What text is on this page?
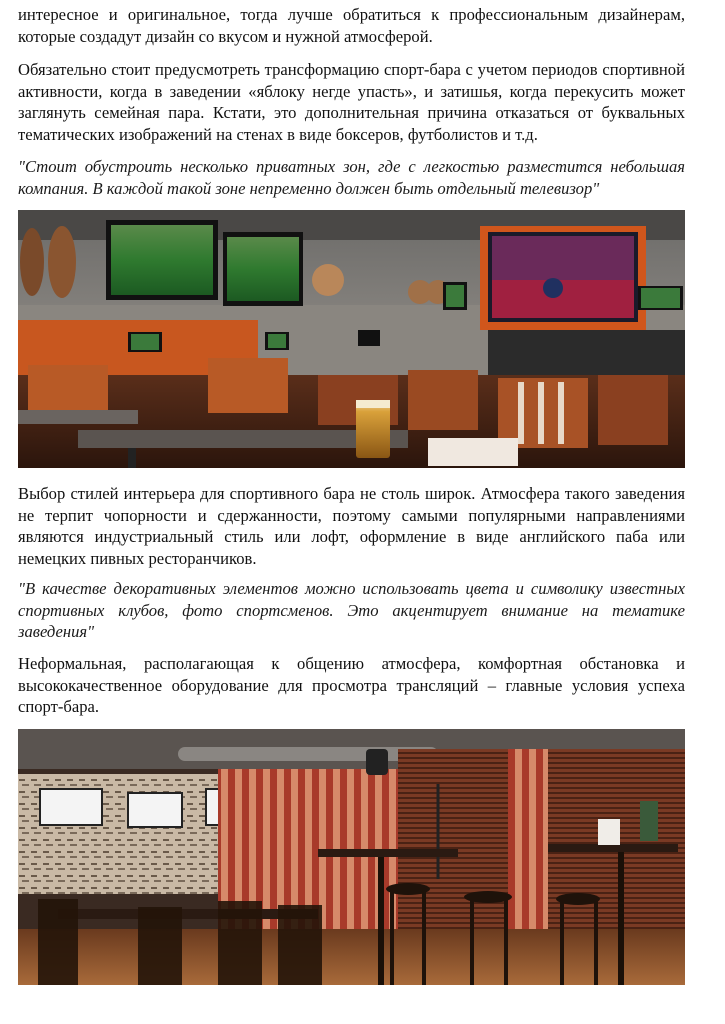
интересное и оригинальное, тогда лучше обратиться к профессиональным дизайнерам, которые создадут дизайн со вкусом и нужной атмосферой.

Обязательно стоит предусмотреть трансформацию спорт-бара с учетом периодов спортивной активности, когда в заведении «яблоку негде упасть», и затишья, когда перекусить может заглянуть семейная пара. Кстати, это дополнительная причина отказаться от буквальных тематических изображений на стенах в виде боксеров, футболистов и т.д.

"Стоит обустроить несколько приватных зон, где с легкостью разместится небольшая компания. В каждой такой зоне непременно должен быть отдельный телевизор"

Выбор стилей интерьера для спортивного бара не столь широк. Атмосфера такого заведения не терпит чопорности и сдержанности, поэтому самыми популярными направлениями являются индустриальный стиль или лофт, оформление в виде английского паба или немецких пивных ресторанчиков.

"В качестве декоративных элементов можно использовать цвета и символику известных спортивных клубов, фото спортсменов. Это акцентирует внимание на тематике заведения"

Неформальная, располагающая к общению атмосфера, комфортная обстановка и высококачественное оборудование для просмотра трансляций – главные условия успеха спорт-бара.
